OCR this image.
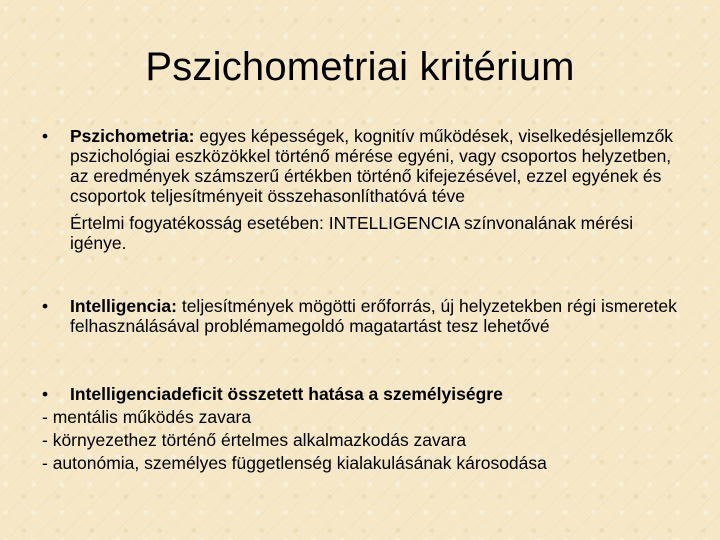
Pszichometriai kritérium
•	Pszichometria: egyes képességek, kognitív működések, viselkedésjellemzők pszichológiai eszközökkel történő mérése egyéni, vagy csoportos helyzetben, az eredmények számszerű értékben történő kifejezésével, ezzel egyének és csoportok teljesítményeit összehasonlíthatóvá téve
Értelmi fogyatékosság esetében: INTELLIGENCIA színvonalának mérési igénye.
•	Intelligencia: teljesítmények mögötti erőforrás, új helyzetekben régi ismeretek felhasználásával problémamegoldó magatartást tesz lehetővé
•	Intelligenciadeficit összetett hatása a személyiségre
- mentális működés zavara
- környezethez történő értelmes alkalmazkodás zavara
- autonómia, személyes függetlenség kialakulásának károsodása
